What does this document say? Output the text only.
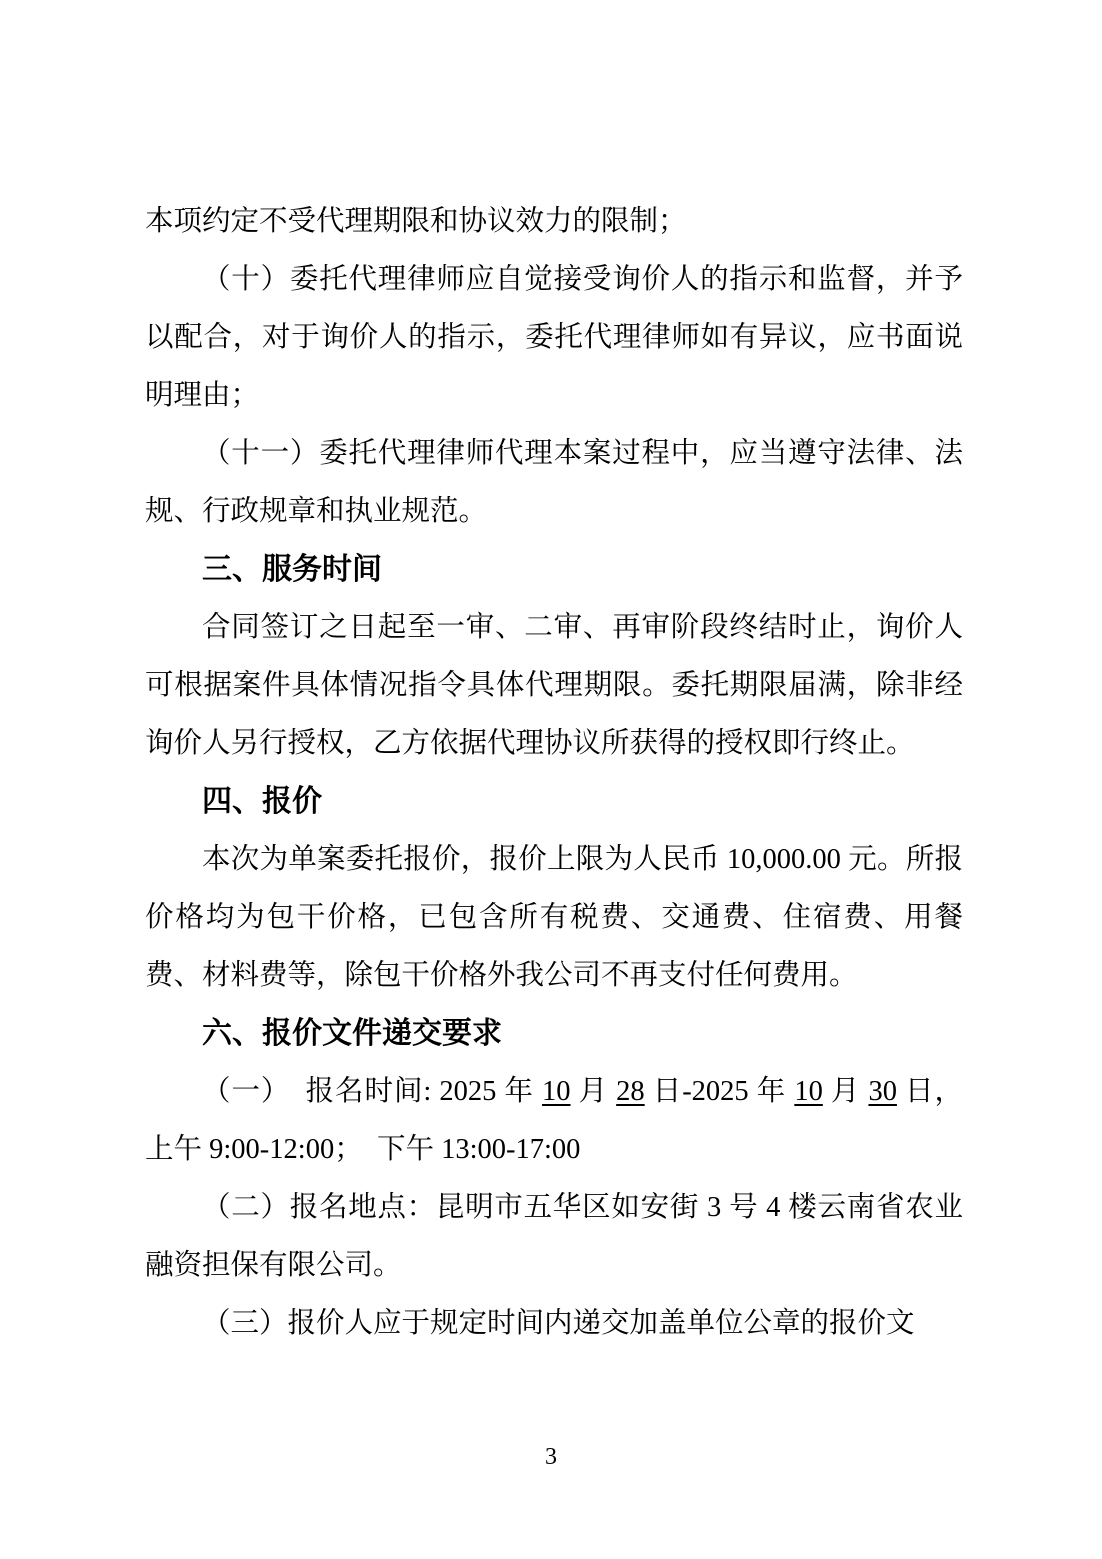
本项约定不受代理期限和协议效力的限制；

（十）委托代理律师应自觉接受询价人的指示和监督，并予以配合，对于询价人的指示，委托代理律师如有异议，应书面说明理由；

（十一）委托代理律师代理本案过程中，应当遵守法律、法规、行政规章和执业规范。

三、服务时间

合同签订之日起至一审、二审、再审阶段终结时止，询价人可根据案件具体情况指令具体代理期限。委托期限届满，除非经询价人另行授权，乙方依据代理协议所获得的授权即行终止。

四、报价

本次为单案委托报价，报价上限为人民币 10,000.00 元。所报价格均为包干价格，已包含所有税费、交通费、住宿费、用餐费、材料费等，除包干价格外我公司不再支付任何费用。

六、报价文件递交要求

（一） 报名时间: 2025 年 10 月 28 日-2025 年 10 月 30 日，上午 9:00-12:00； 下午 13:00-17:00

（二）报名地点：昆明市五华区如安街 3 号 4 楼云南省农业融资担保有限公司。

（三）报价人应于规定时间内递交加盖单位公章的报价文

3
